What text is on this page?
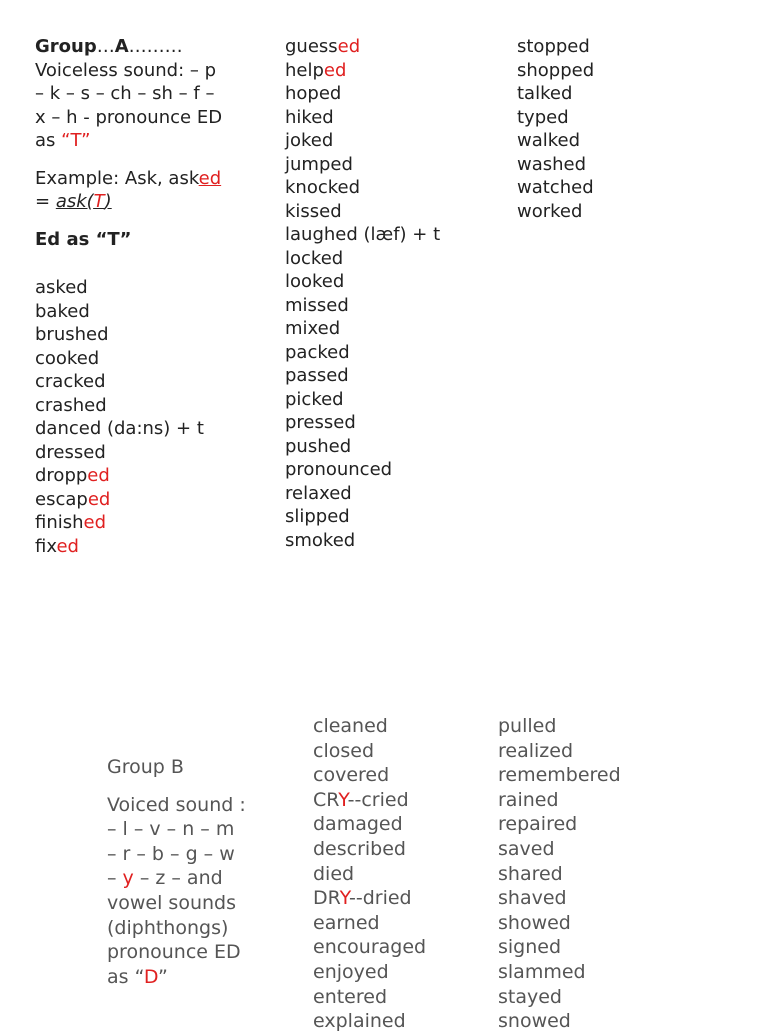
Group…A………
Voiceless sound: – p
– k – s – ch – sh – f –
x – h - pronounce ED
as “T”
Example: Ask, asked
= ask(T)
Ed as “T”
asked
baked
brushed
cooked
cracked
crashed
danced (da:ns) + t
dressed
dropped
escaped
finished
fixed
guessed
helped
hoped
hiked
joked
jumped
knocked
kissed
laughed (læf) + t
locked
looked
missed
mixed
packed
passed
picked
pressed
pushed
pronounced
relaxed
slipped
smoked
stopped
shopped
talked
typed
walked
washed
watched
worked
Group B
Voiced sound :
– l – v – n – m
– r – b – g – w
– y – z – and
vowel sounds
(diphthongs)
pronounce ED
as “D”
cleaned
closed
covered
CRY--cried
damaged
described
died
DRY--dried
earned
encouraged
enjoyed
entered
explained
pulled
realized
remembered
rained
repaired
saved
shared
shaved
showed
signed
slammed
stayed
snowed
